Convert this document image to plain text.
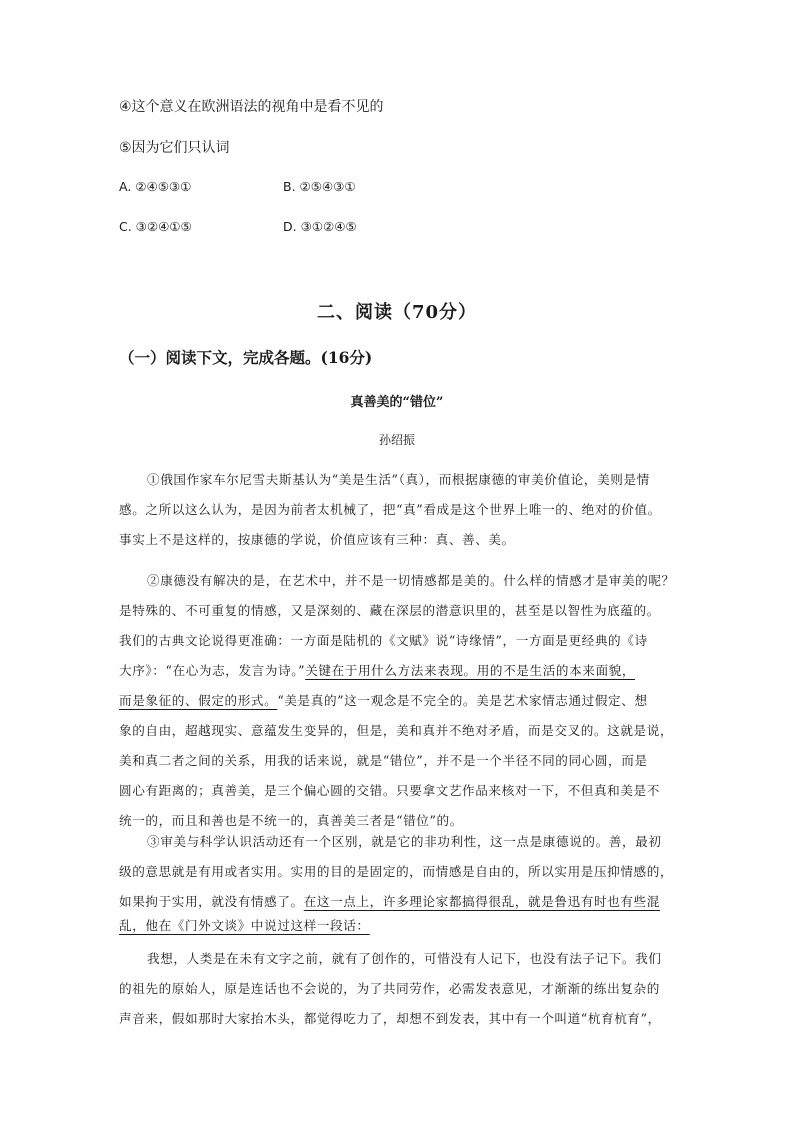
④这个意义在欧洲语法的视角中是看不见的
⑤因为它们只认词
A. ②④⑤③①	B. ②⑤④③①
C. ③②④①⑤	D. ③①②④⑤
二、阅读（70分）
（一）阅读下文，完成各题。(16分)
真善美的“错位”
孙绍振
①俄国作家车尔尼雪夫斯基认为“美是生活”（真），而根据康德的审美价值论，美则是情
感。之所以这么认为，是因为前者太机械了，把“真”看成是这个世界上唯一的、绝对的价值。
事实上不是这样的，按康德的学说，价值应该有三种：真、善、美。
②康德没有解决的是，在艺术中，并不是一切情感都是美的。什么样的情感才是审美的呢？
是特殊的、不可重复的情感，又是深刻的、藏在深层的潜意识里的，甚至是以智性为底蕴的。
我们的古典文论说得更准确：一方面是陆机的《文赋》说“诗缘情”，一方面是更经典的《诗
大序》：“在心为志，发言为诗。”关键在于用什么方法来表现。用的不是生活的本来面貌，
而是象征的、假定的形式。“美是真的”这一观念是不完全的。美是艺术家情志通过假定、想
象的自由，超越现实、意蕴发生变异的，但是，美和真并不绝对矛盾，而是交叉的。这就是说，
美和真二者之间的关系，用我的话来说，就是“错位”，并不是一个半径不同的同心圆，而是
圆心有距离的；真善美，是三个偏心圆的交错。只要拿文艺作品来核对一下，不但真和美是不
统一的，而且和善也是不统一的，真善美三者是“错位”的。
③审美与科学认识活动还有一个区别，就是它的非功利性，这一点是康德说的。善，最初
级的意思就是有用或者实用。实用的目的是固定的，而情感是自由的，所以实用是压抑情感的，
如果拘于实用，就没有情感了。在这一点上，许多理论家都搞得很乱，就是鲁迅有时也有些混
乱，他在《门外文谈》中说过这样一段话：
我想，人类是在未有文字之前，就有了创作的，可惜没有人记下，也没有法子记下。我们
的祖先的原始人，原是连话也不会说的，为了共同劳作，必需发表意见，才渐渐的练出复杂的
声音来，假如那时大家抬木头，都觉得吃力了，却想不到发表，其中有一个叫道“杭育杭育”，
